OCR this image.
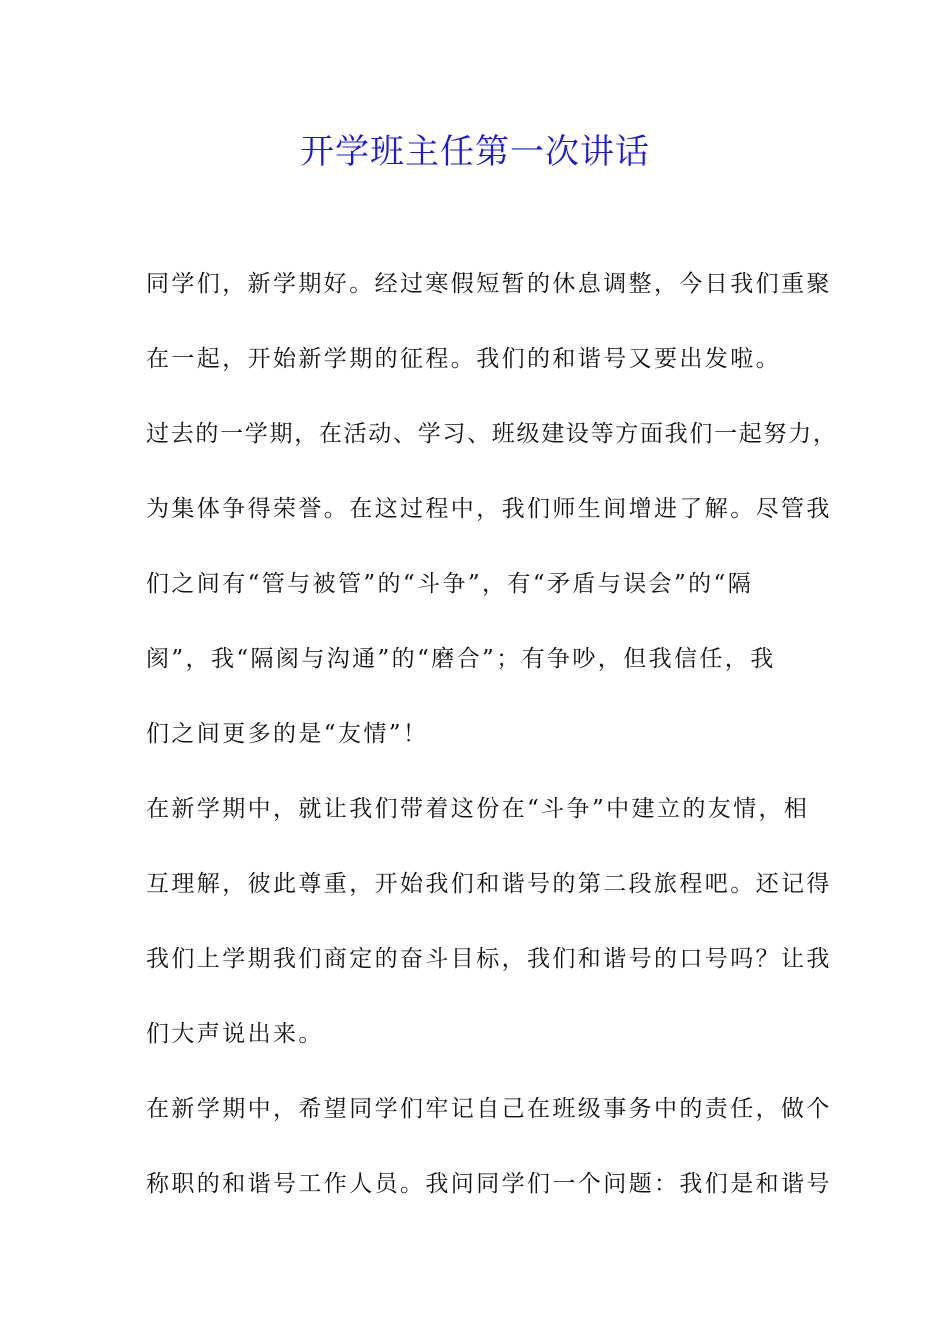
开学班主任第一次讲话
同学们，新学期好。经过寒假短暂的休息调整，今日我们重聚
在一起，开始新学期的征程。我们的和谐号又要出发啦。
过去的一学期，在活动、学习、班级建设等方面我们一起努力，
为集体争得荣誉。在这过程中，我们师生间增进了解。尽管我
们之间有“管与被管”的“斗争”，有“矛盾与误会”的“隔
阂”，我“隔阂与沟通”的“磨合”；有争吵，但我信任，我
们之间更多的是“友情”！
在新学期中，就让我们带着这份在“斗争”中建立的友情，相
互理解，彼此尊重，开始我们和谐号的第二段旅程吧。还记得
我们上学期我们商定的奋斗目标，我们和谐号的口号吗？让我
们大声说出来。
在新学期中，希望同学们牢记自己在班级事务中的责任，做个
称职的和谐号工作人员。我问同学们一个问题：我们是和谐号
